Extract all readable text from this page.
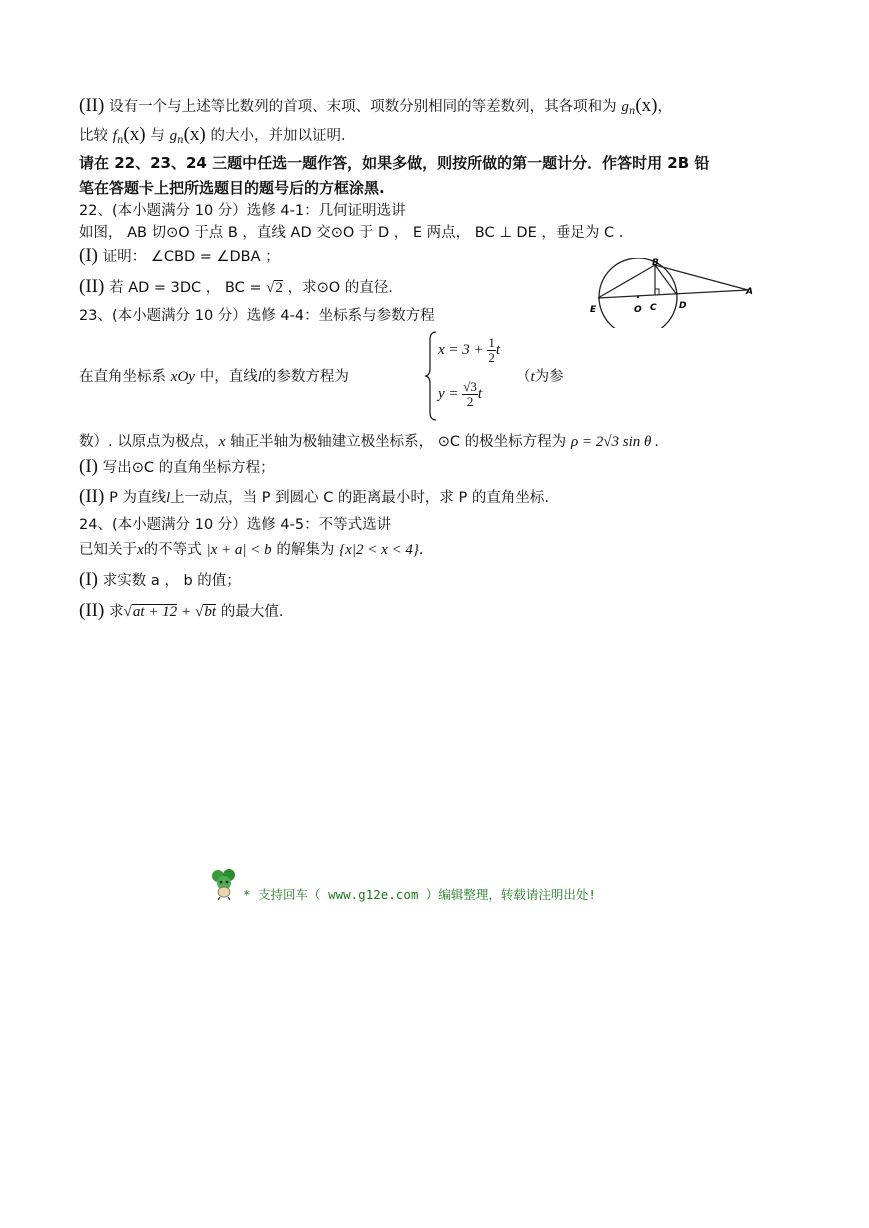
(II) 设有一个与上述等比数列的首项、末项、项数分别相同的等差数列，其各项和为 $g_n(x)$，
比较 $f_n(x)$ 与 $g_n(x)$ 的大小，并加以证明.
请在 22、23、24 三题中任选一题作答，如果多做，则按所做的第一题计分．作答时用 2B 铅
笔在答题卡上把所选题目的题号后的方框涂黑.
22、(本小题满分 10 分）选修 4-1：几何证明选讲
如图， AB 切⊙O 于点 B ，直线 AD 交⊙O 于 D ， E 两点， BC ⊥ DE ，垂足为 C .
(I) 证明： ∠CBD = ∠DBA ；
(II) 若 AD = 3DC ， BC = √2 ，求⊙O 的直径.
B
E	O C D
A
23、(本小题满分 10 分）选修 4-4：坐标系与参数方程
在直角坐标系 xOy 中，直线l的参数方程为	（t为参
$x = 3 + \frac{1}{2}$ t
$y = \frac{√3}{2}$ t
数）. 以原点为极点，x 轴正半轴为极轴建立极坐标系， ⊙C 的极坐标方程为 ρ = 2√3 sin θ .
(I) 写出⊙C 的直角坐标方程；
(II) P 为直线l上一动点，当 P 到圆心 C 的距离最小时，求 P 的直角坐标.
24、(本小题满分 10 分）选修 4-5：不等式选讲
已知关于x的不等式 |x + a| < b 的解集为 {x|2 < x < 4}.
(I) 求实数 a ， b 的值；
(II) 求√at + 12 + √bt 的最大值.
* 支持回车（ www.g12e.com ）编辑整理，转载请注明出处!
